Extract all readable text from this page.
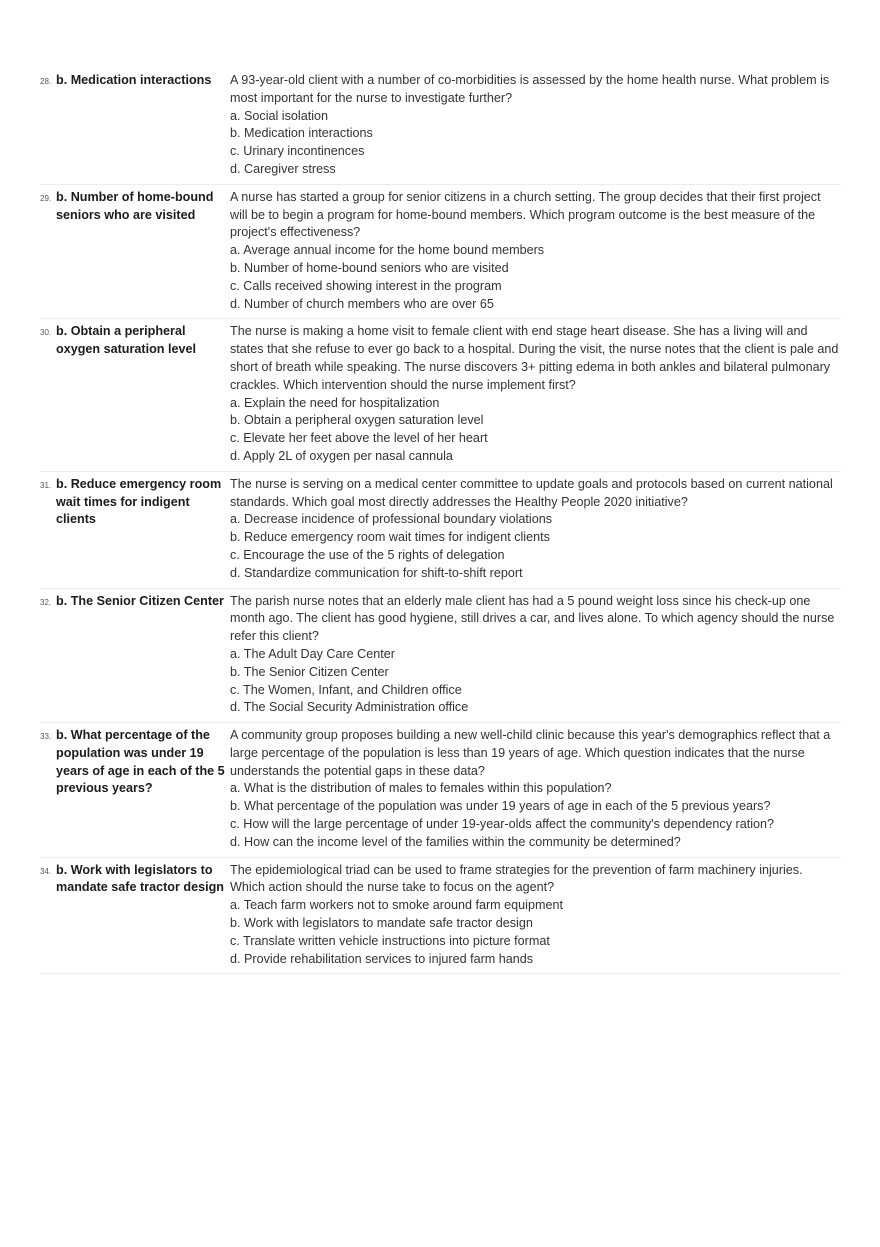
28. b. Medication interactions	A 93-year-old client with a number of co-morbidities is assessed by the home health nurse. What problem is most important for the nurse to investigate further?

a. Social isolation

b. Medication interactions

c. Urinary incontinences

d. Caregiver stress

29. b. Number of home-bound seniors who are visited

A nurse has started a group for senior citizens in a church setting. The group decides that their first project will be to begin a program for home-bound members. Which program outcome is the best measure of the project's effectiveness?

a. Average annual income for the home bound members

b. Number of home-bound seniors who are visited

c. Calls received showing interest in the program

d. Number of church members who are over 65

30. b. Obtain a peripheral oxygen saturation level

The nurse is making a home visit to female client with end stage heart disease. She has a living will and states that she refuse to ever go back to a hospital. During the visit, the nurse notes that the client is pale and short of breath while speaking. The nurse discovers 3+ pitting edema in both ankles and bilateral pulmonary crackles. Which intervention should the nurse implement first?

a. Explain the need for hospitalization

b. Obtain a peripheral oxygen saturation level

c. Elevate her feet above the level of her heart

d. Apply 2L of oxygen per nasal cannula

31. b. Reduce emergency room wait times for indigent clients

The nurse is serving on a medical center committee to update goals and protocols based on current national standards. Which goal most directly addresses the Healthy People 2020 initiative?

a. Decrease incidence of professional boundary violations

b. Reduce emergency room wait times for indigent clients

c. Encourage the use of the 5 rights of delegation

d. Standardize communication for shift-to-shift report

32. b. The Senior Citizen Center The parish nurse notes that an elderly male client has had a 5 pound weight loss since his check-up one month ago. The client has good hygiene, still drives a car, and lives alone. To which agency should the nurse refer this client?

a. The Adult Day Care Center

b. The Senior Citizen Center

c. The Women, Infant, and Children office

d. The Social Security Administration office

33. b. What percentage of the population was under 19 years of age in each of the 5 previous years?

A community group proposes building a new well-child clinic because this year's demographics reflect that a large percentage of the population is less than 19 years of age. Which question indicates that the nurse understands the potential gaps in these data?

a. What is the distribution of males to females within this population?

b. What percentage of the population was under 19 years of age in each of the 5 previous years?

c. How will the large percentage of under 19-year-olds affect the community's dependency ration?

d. How can the income level of the families within the community be determined?

34. b. Work with legislators to mandate safe tractor design

The epidemiological triad can be used to frame strategies for the prevention of farm machinery injuries. Which action should the nurse take to focus on the agent?

a. Teach farm workers not to smoke around farm equipment

b. Work with legislators to mandate safe tractor design

c. Translate written vehicle instructions into picture format

d. Provide rehabilitation services to injured farm hands
